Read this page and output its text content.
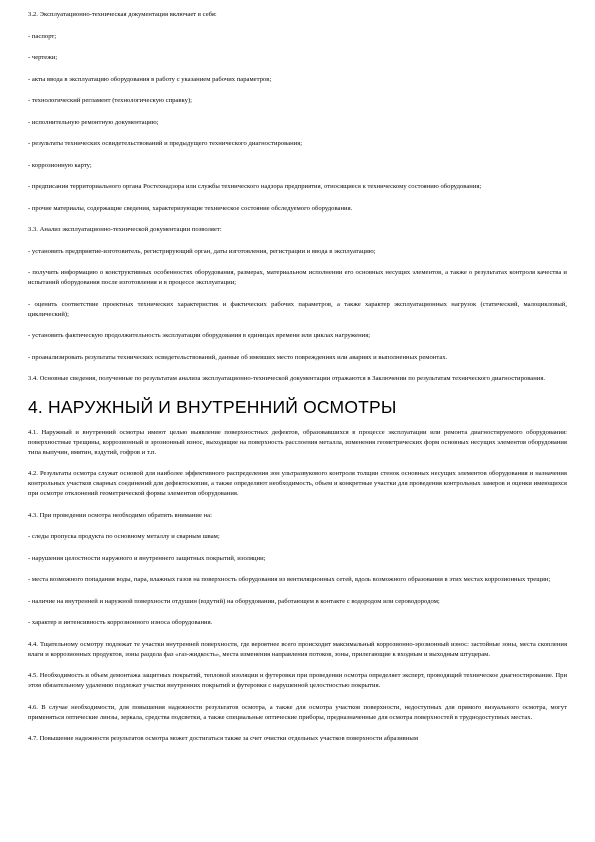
3.2. Эксплуатационно-техническая документация включает в себя:

- паспорт;

- чертежи;

- акты ввода в эксплуатацию оборудования в работу с указанием рабочих параметров;

- технологический регламент (технологическую справку);

- исполнительную ремонтную документацию;

- результаты технических освидетельствований и предыдущего технического диагностирования;

- коррозионную карту;

- предписания территориального органа Ростехнадзора или службы технического надзора предприятия, относящиеся к техническому состоянию оборудования;

- прочие материалы, содержащие сведения, характеризующие техническое состояние обследуемого оборудования.

3.3. Анализ эксплуатационно-технической документации позволяет:

- установить предприятие-изготовитель, регистрирующий орган, даты изготовления, регистрации и ввода в эксплуатацию;

- получить информацию о конструктивных особенностях оборудования, размерах, материальном исполнении его основных несущих элементов, а также о результатах контроля качества и испытаний оборудования после изготовления и в процессе эксплуатации;

- оценить соответствие проектных технических характеристик и фактических рабочих параметров, а также характер эксплуатационных нагрузок (статический, малоцикловый, циклический);

- установить фактическую продолжительность эксплуатации оборудования в единицах времени или циклах нагружения;

- проанализировать результаты технических освидетельствований, данные об имевших место повреждениях или авариях и выполненных ремонтах.

3.4. Основные сведения, полученные по результатам анализа эксплуатационно-технической документации отражаются в Заключении по результатам технического диагностирования.

4. НАРУЖНЫЙ И ВНУТРЕННИЙ ОСМОТРЫ

4.1. Наружный и внутренний осмотры имеют целью выявление поверхностных дефектов, образовавшихся в процессе эксплуатации или ремонта диагностируемого оборудования: поверхностные трещины, коррозионный и эрозионный износ, выходящие на поверхность расслоения металла, изменения геометрических форм основных несущих элементов оборудования типа выпучин, вмятин, вздутий, гофров и т.п.

4.2. Результаты осмотра служат основой для наиболее эффективного распределения зон ультразвукового контроля толщин стенок основных несущих элементов оборудования и назначения контрольных участков сварных соединений для дефектоскопии, а также определяют необходимость, объем и конкретные участки для проведения контрольных замеров и оценки имеющихся при осмотре отклонений геометрической формы элементов оборудования.

4.3. При проведении осмотра необходимо обратить внимание на:

- следы пропуска продукта по основному металлу и сварным швам;

- нарушения целостности наружного и внутреннего защитных покрытий, изоляции;

- места возможного попадания воды, пара, влажных газов на поверхность оборудования из вентиляционных сетей, вдоль возможного образования в этих местах коррозионных трещин;

- наличие на внутренней и наружной поверхности отдушин (вздутий) на оборудовании, работающем в контакте с водородом или сероводородом;

- характер и интенсивность коррозионного износа оборудования.

4.4. Тщательному осмотру подлежат те участки внутренней поверхности, где вероятнее всего происходит максимальный коррозионно-эрозионный износ: застойные зоны, места скопления влаги и коррозионных продуктов, зоны раздела фаз «газ-жидкость», места изменения направления потоков, зоны, прилегающие к входным и выходным штуцерам.

4.5. Необходимость и объем демонтажа защитных покрытий, тепловой изоляции и футеровки при проведении осмотра определяет эксперт, проводящий техническое диагностирование. При этом обязательному удалению подлежат участки внутренних покрытий и футеровки с нарушенной целостностью покрытия.

4.6. В случае необходимости, для повышения надежности результатов осмотра, а также для осмотра участков поверхности, недоступных для прямого визуального осмотра, могут применяться оптические линзы, зеркала, средства подсветки, а также специальные оптические приборы, предназначенные для осмотра поверхностей в труднодоступных местах.

4.7. Повышение надежности результатов осмотра может достигаться также за счет очистки отдельных участков поверхности абразивным
